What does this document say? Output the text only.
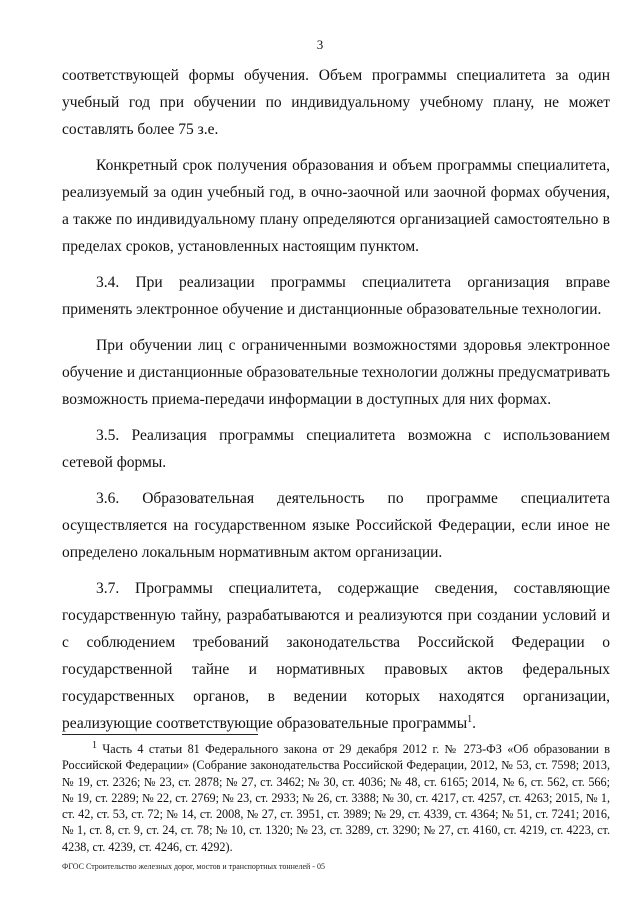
3

соответствующей формы обучения. Объем программы специалитета за один учебный год при обучении по индивидуальному учебному плану, не может составлять более 75 з.е.

Конкретный срок получения образования и объем программы специалитета, реализуемый за один учебный год, в очно-заочной или заочной формах обучения, а также по индивидуальному плану определяются организацией самостоятельно в пределах сроков, установленных настоящим пунктом.

3.4. При реализации программы специалитета организация вправе применять электронное обучение и дистанционные образовательные технологии.

При обучении лиц с ограниченными возможностями здоровья электронное обучение и дистанционные образовательные технологии должны предусматривать возможность приема-передачи информации в доступных для них формах.

3.5. Реализация программы специалитета возможна с использованием сетевой формы.

3.6. Образовательная деятельность по программе специалитета осуществляется на государственном языке Российской Федерации, если иное не определено локальным нормативным актом организации.

3.7. Программы специалитета, содержащие сведения, составляющие государственную тайну, разрабатываются и реализуются при создании условий и с соблюдением требований законодательства Российской Федерации о государственной тайне и нормативных правовых актов федеральных государственных органов, в ведении которых находятся организации, реализующие соответствующие образовательные программы$^1$.

$^1$ Часть 4 статьи 81 Федерального закона от 29 декабря 2012 г. № 273-ФЗ «Об образовании в Российской Федерации» (Собрание законодательства Российской Федерации, 2012, № 53, ст. 7598; 2013, № 19, ст. 2326; № 23, ст. 2878; № 27, ст. 3462; № 30, ст. 4036; № 48, ст. 6165; 2014, № 6, ст. 562, ст. 566; № 19, ст. 2289; № 22, ст. 2769; № 23, ст. 2933; № 26, ст. 3388; № 30, ст. 4217, ст. 4257, ст. 4263; 2015, № 1, ст. 42, ст. 53, ст. 72; № 14, ст. 2008, № 27, ст. 3951, ст. 3989; № 29, ст. 4339, ст. 4364; № 51, ст. 7241; 2016, № 1, ст. 8, ст. 9, ст. 24, ст. 78; № 10, ст. 1320; № 23, ст. 3289, ст. 3290; № 27, ст. 4160, ст. 4219, ст. 4223, ст. 4238, ст. 4239, ст. 4246, ст. 4292).
ФГОС Строительство железных дорог, мостов и транспортных тоннелей - 05
